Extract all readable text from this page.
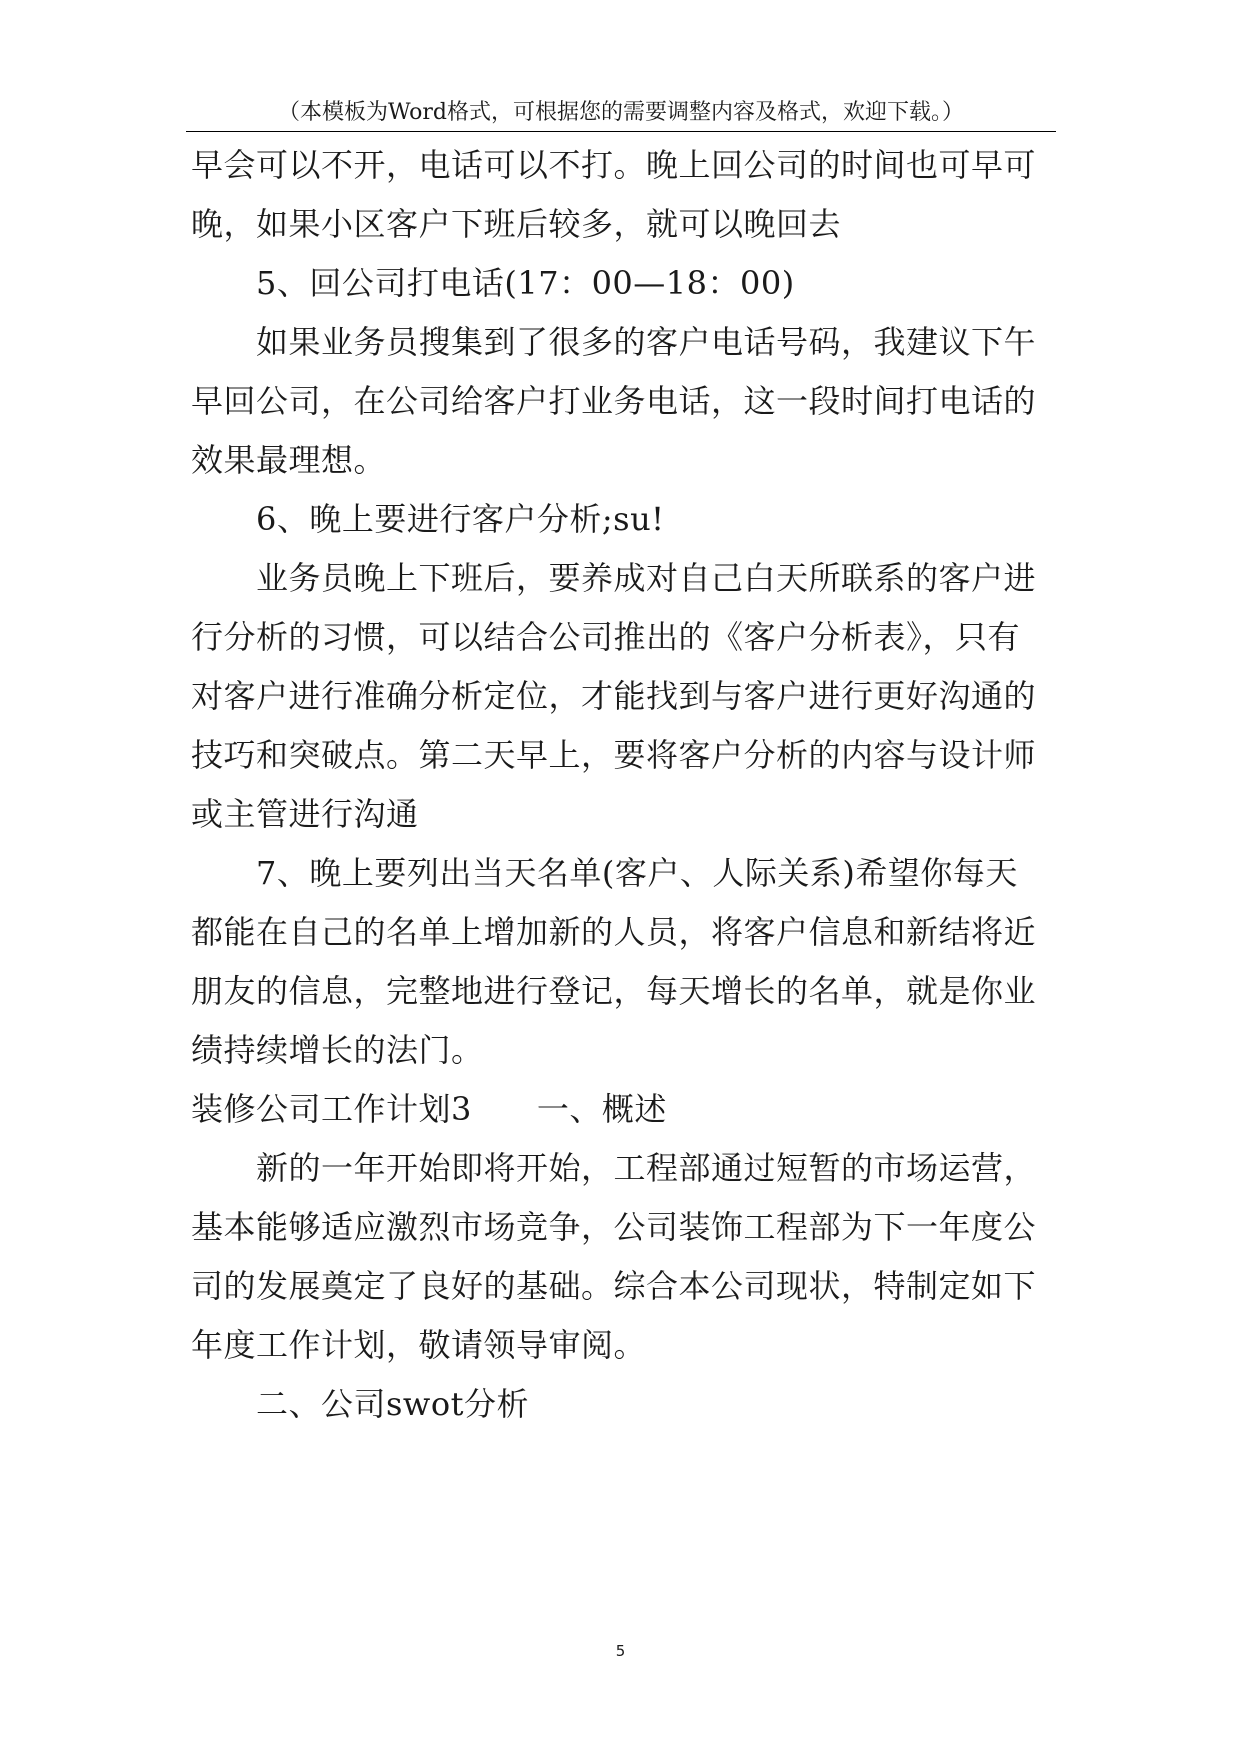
（本模板为Word格式，可根据您的需要调整内容及格式，欢迎下载。）
早会可以不开，电话可以不打。晚上回公司的时间也可早可
晚，如果小区客户下班后较多，就可以晚回去
5、回公司打电话(17：00—18：00)
如果业务员搜集到了很多的客户电话号码，我建议下午
早回公司，在公司给客户打业务电话，这一段时间打电话的
效果最理想。
6、晚上要进行客户分析;su!
业务员晚上下班后，要养成对自己白天所联系的客户进
行分析的习惯，可以结合公司推出的《客户分析表》，只有
对客户进行准确分析定位，才能找到与客户进行更好沟通的
技巧和突破点。第二天早上，要将客户分析的内容与设计师
或主管进行沟通
7、晚上要列出当天名单(客户、人际关系)希望你每天
都能在自己的名单上增加新的人员，将客户信息和新结将近
朋友的信息，完整地进行登记，每天增长的名单，就是你业
绩持续增长的法门。
装修公司工作计划3　　一、概述
新的一年开始即将开始，工程部通过短暂的市场运营，
基本能够适应激烈市场竞争，公司装饰工程部为下一年度公
司的发展奠定了良好的基础。综合本公司现状，特制定如下
年度工作计划，敬请领导审阅。
二、公司swot分析
5
